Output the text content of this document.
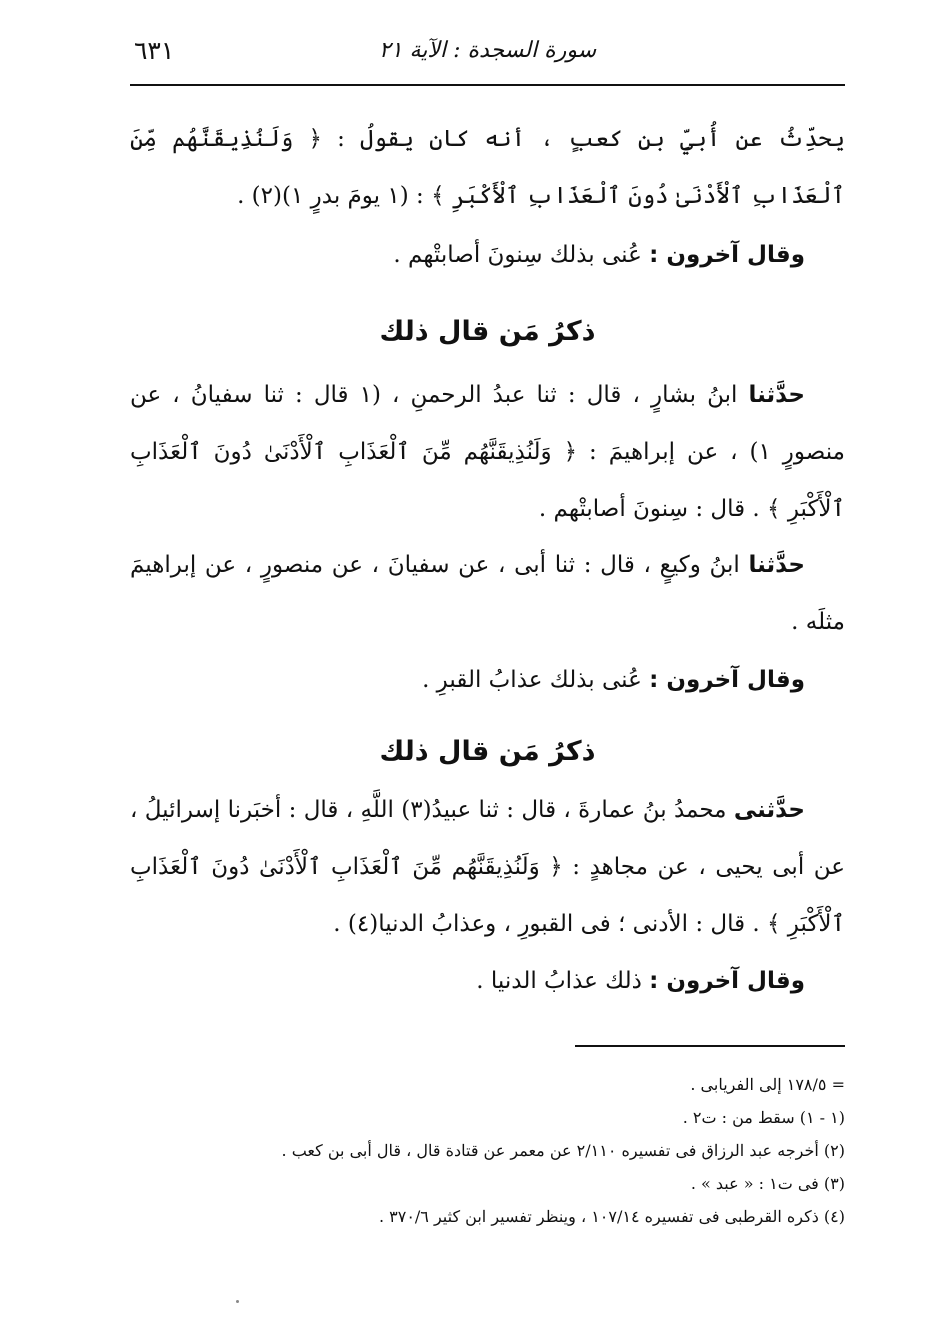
٦٣١	سورة السجدة : الآية ٢١
يحدِّثُ عن أُبيِّ بنِ كعبٍ ، أنه كان يقولُ : ﴿ وَلَنُذِيقَنَّهُم مِّنَ ٱلْعَذَابِ ٱلْأَدْنَىٰ دُونَ ٱلْعَذَابِ ٱلْأَكْبَرِ ﴾ : (١ يومَ بدرٍ ١)(٢) .
وقال آخرون : عُنى بذلك سِنونَ أصابتْهم .
ذكرُ مَن قال ذلك
حدَّثنا ابنُ بشارٍ ، قال : ثنا عبدُ الرحمنِ ، (١ قال : ثنا سفيانُ ، عن منصورٍ ١) ، عن إبراهيمَ : ﴿ وَلَنُذِيقَنَّهُم مِّنَ ٱلْعَذَابِ ٱلْأَدْنَىٰ دُونَ ٱلْعَذَابِ ٱلْأَكْبَرِ ﴾ . قال : سِنونَ أصابتْهم .
حدَّثنا ابنُ وكيعٍ ، قال : ثنا أبى ، عن سفيانَ ، عن منصورٍ ، عن إبراهيمَ مثلَه .
وقال آخرون : عُنى بذلك عذابُ القبرِ .
ذكرُ مَن قال ذلك
حدَّثنى محمدُ بنُ عمارةَ ، قال : ثنا عبيدُ(٣) اللَّهِ ، قال : أخبَرنا إسرائيلُ ، عن أبى يحيى ، عن مجاهدٍ : ﴿ وَلَنُذِيقَنَّهُم مِّنَ ٱلْعَذَابِ ٱلْأَدْنَىٰ دُونَ ٱلْعَذَابِ ٱلْأَكْبَرِ ﴾ . قال : الأدنى ؛ فى القبورِ ، وعذابُ الدنيا(٤) .
وقال آخرون : ذلك عذابُ الدنيا .
= ١٧٨/٥ إلى الفريابى .
(١ - ١) سقط من : ت٢ .
(٢) أخرجه عبد الرزاق فى تفسيره ٢/١١٠ عن معمر عن قتادة قال ، قال أبى بن كعب .
(٣) فى ت١ : « عبد » .
(٤) ذكره القرطبى فى تفسيره ١٠٧/١٤ ، وينظر تفسير ابن كثير ٣٧٠/٦ .
